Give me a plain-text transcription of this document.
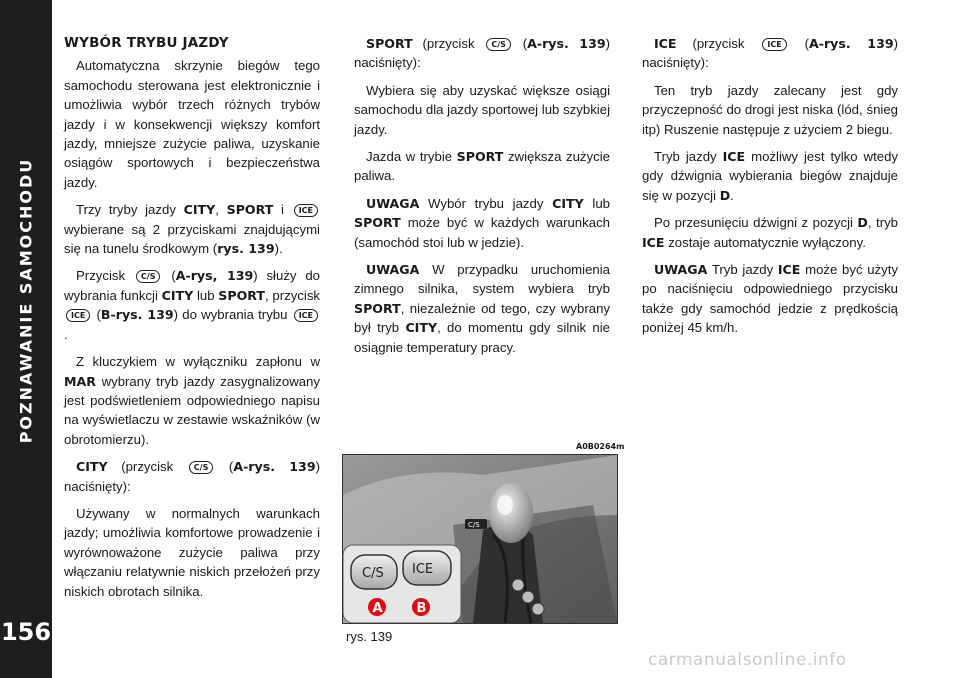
POZNAWANIE SAMOCHODU
156
WYBÓR TRYBU JAZDY

Automatyczna skrzynie biegów tego samochodu sterowana jest elektronicznie i umożliwia wybór trzech różnych trybów jazdy i w konsekwencji większy komfort jazdy, mniejsze zużycie paliwa, uzyskanie osiągów sportowych i bezpieczeństwa jazdy.

Trzy tryby jazdy CITY, SPORT i ICE wybierane są 2 przyciskami znajdującymi się na tunelu środkowym (rys. 139).

Przycisk C/S (A-rys, 139) służy do wybrania funkcji CITY lub SPORT, przycisk ICE (B-rys. 139) do wybrania trybu ICE.

Z kluczykiem w wyłączniku zapłonu w MAR wybrany tryb jazdy zasygnalizowany jest podświetleniem odpowiedniego napisu na wyświetlaczu w zestawie wskaźników (w obrotomierzu).

CITY (przycisk C/S (A-rys. 139) naciśnięty):

Używany w normalnych warunkach jazdy; umożliwia komfortowe prowadzenie i wyrównoważone zużycie paliwa przy włączaniu relatywnie niskich przełożeń przy niskich obrotach silnika.

SPORT (przycisk C/S (A-rys. 139) naciśnięty):

Wybiera się aby uzyskać większe osiągi samochodu dla jazdy sportowej lub szybkiej jazdy.

Jazda w trybie SPORT zwiększa zużycie paliwa.

UWAGA Wybór trybu jazdy CITY lub SPORT może być w każdych warunkach (samochód stoi lub w jedzie).

UWAGA W przypadku uruchomienia zimnego silnika, system wybiera tryb SPORT, niezależnie od tego, czy wybrany był tryb CITY, do momentu gdy silnik nie osiągnie temperatury pracy.

ICE (przycisk ICE (A-rys. 139) naciśnięty):

Ten tryb jazdy zalecany jest gdy przyczepność do drogi jest niska (lód, śnieg itp) Ruszenie następuje z użyciem 2 biegu.

Tryb jazdy ICE możliwy jest tylko wtedy gdy dźwignia wybierania biegów znajduje się w pozycji D.

Po przesunięciu dźwigni z pozycji D, tryb ICE zostaje automatycznie wyłączony.

UWAGA Tryb jazdy ICE może być użyty po naciśnięciu odpowiedniego przycisku także gdy samochód jedzie z prędkością poniżej 45 km/h.

A0B0264m
C/S
C/S ICE
A	B
rys. 139
carmanualsonline.info
